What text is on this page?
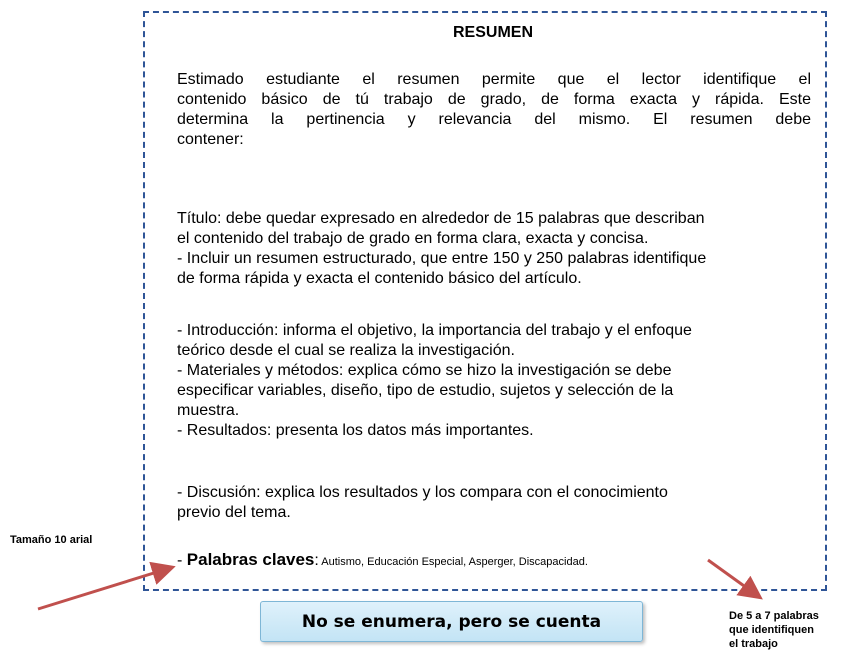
RESUMEN
Estimado estudiante el resumen permite que el lector identifique el
contenido básico de tú trabajo de grado, de forma exacta y rápida. Este
determina la pertinencia y relevancia del mismo. El resumen debe
contener:
Título: debe quedar expresado en alrededor de 15 palabras que describan
el contenido del trabajo de grado en forma clara, exacta y concisa.
- Incluir un resumen estructurado, que entre 150 y 250 palabras identifique
de forma rápida y exacta el contenido básico del artículo.
- Introducción: informa el objetivo, la importancia del trabajo y el enfoque
teórico desde el cual se realiza la investigación.
- Materiales y métodos: explica cómo se hizo la investigación se debe
especificar variables, diseño, tipo de estudio, sujetos y selección de la
muestra.
- Resultados: presenta los datos más importantes.
- Discusión: explica los resultados y los compara con el conocimiento
previo del tema.
- Palabras claves: Autismo, Educación Especial, Asperger, Discapacidad.
Tamaño 10 arial
De 5 a 7 palabras
que identifiquen
el trabajo
No se enumera, pero se cuenta
